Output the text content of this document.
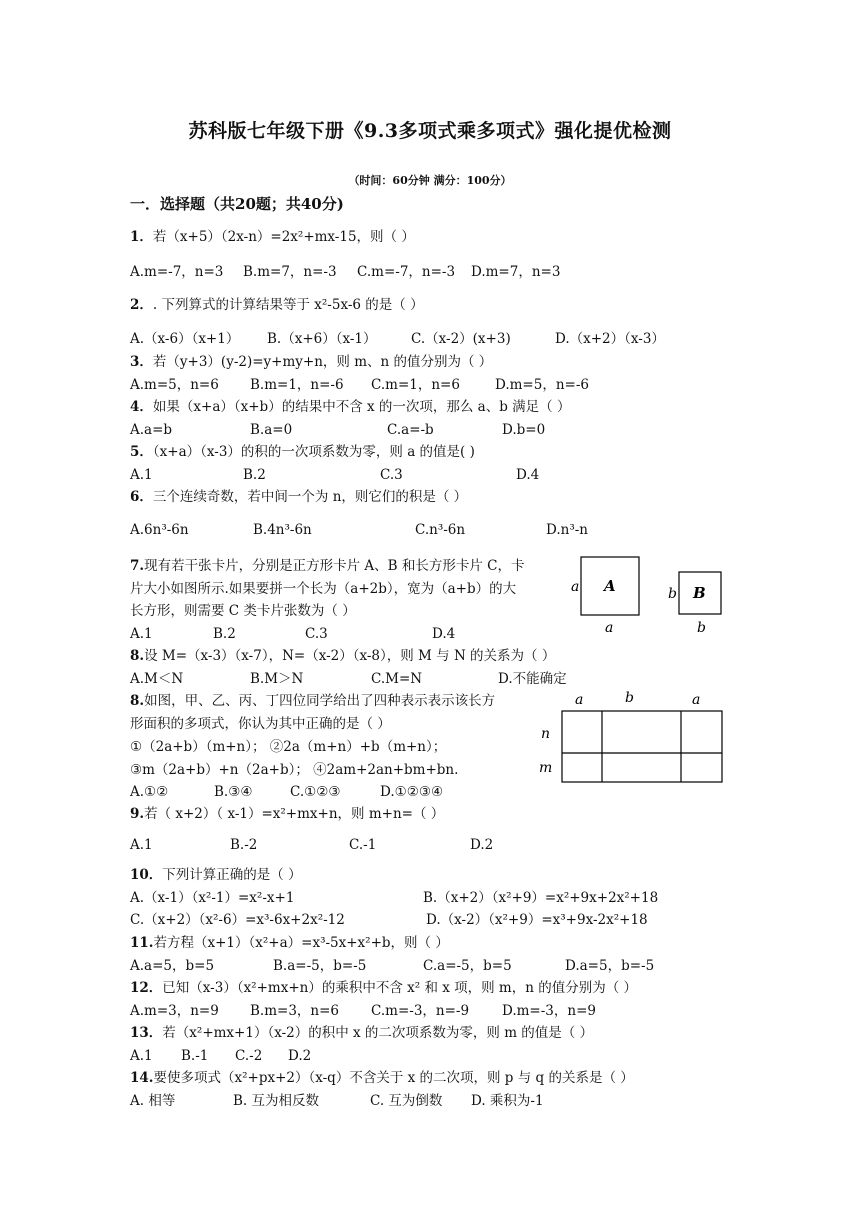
苏科版七年级下册《9.3多项式乘多项式》强化提优检测
（时间：60分钟 满分：100分）
一．选择题（共20题；共40分)
1．若（x+5）（2x-n）=2x²+mx-15，则（ ）
A.m=-7，n=3 B.m=7，n=-3 C.m=-7，n=-3 D.m=7，n=3
2．. 下列算式的计算结果等于 x²-5x-6 的是（ ）
A.（x-6）（x+1） B.（x+6）（x-1）	C.（x-2）(x+3)	D.（x+2）（x-3）
3．若（y+3）(y-2)=y+my+n，则 m、n 的值分别为（ ）
A.m=5，n=6 B.m=1，n=-6 C.m=1，n=6	D.m=5，n=-6
4．如果（x+a）（x+b）的结果中不含 x 的一次项，那么 a、b 满足（ ）
A.a=b	B.a=0	C.a=-b	D.b=0
5．（x+a）（x-3）的积的一次项系数为零，则 a 的值是( )
A.1	B.2	C.3	D.4
6．三个连续奇数，若中间一个为 n，则它们的积是（ ）
A.6n³-6n	B.4n³-6n	C.n³-6n	D.n³-n
7.现有若干张卡片，分别是正方形卡片 A、B 和长方形卡片 C，卡
片大小如图所示.如果要拼一个长为（a+2b），宽为（a+b）的大
长方形，则需要 C 类卡片张数为（ ）
A.1	B.2	C.3	D.4
a A
a
b B
b
8.设 M=（x-3）（x-7），N=（x-2）（x-8），则 M 与 N 的关系为（ ）
A.M＜N	B.M＞N	C.M=N	D.不能确定
8.如图，甲、乙、丙、丁四位同学给出了四种表示表示该长方
形面积的多项式，你认为其中正确的是（ ）
①（2a+b）（m+n）； ②2a（m+n）+b（m+n）；
③m（2a+b）+n（2a+b）； ④2am+2an+bm+bn.
A.①②	B.③④	C.①②③	D.①②③④
a	b	a
n
m
9.若（ x+2）（ x-1）=x²+mx+n，则 m+n=（ ）
A.1	B.-2	C.-1	D.2
10．下列计算正确的是（ ）
A.（x-1）（x²-1）=x²-x+1	B.（x+2）（x²+9）=x²+9x+2x²+18
C.（x+2）（x²-6）=x³-6x+2x²-12	D.（x-2）（x²+9）=x³+9x-2x²+18
11.若方程（x+1）（x²+a）=x³-5x+x²+b，则（ ）
A.a=5，b=5	B.a=-5，b=-5	C.a=-5，b=5	D.a=5，b=-5
12．已知（x-3）（x²+mx+n）的乘积中不含 x² 和 x 项，则 m，n 的值分别为（ ）
A.m=3，n=9 B.m=3，n=6 C.m=-3，n=-9 D.m=-3，n=9
13．若（x²+mx+1）（x-2）的积中 x 的二次项系数为零，则 m 的值是（ ）
A.1 B.-1 C.-2 D.2
14.要使多项式（x²+px+2）（x-q）不含关于 x 的二次项，则 p 与 q 的关系是（ ）
A. 相等	B. 互为相反数	C. 互为倒数 D. 乘积为-1
